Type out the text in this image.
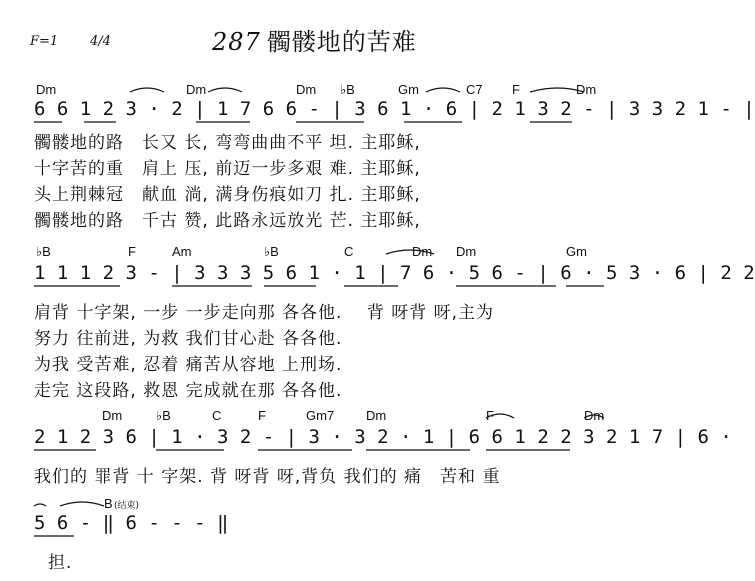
F=1 4/4	287 髑髅地的苦难
Dm	Dm	Dm ♭B	Gm	C7 F	Dm
6 6 1 2 3 · 2 | 1 7 6 6 - | 3 6 1 · 6 | 2 1 3 2 - | 3 3 2 1 - |
髑髅地的路　长又 长, 弯弯曲曲不平 坦. 主耶稣,
十字苦的重　肩上 压, 前迈一步多艰 难. 主耶稣,
头上荆棘冠　献血 淌, 满身伤痕如刀 扎. 主耶稣,
髑髅地的路　千古 赞, 此路永远放光 芒. 主耶稣,
♭B	F	Am	♭B	C	Dm Dm	Gm
1 1 1 2 3 - | 3 3 3 5 6 1 · 1 | 7 6 · 5 6 - | 6 · 5 3 · 6 | 2 2
肩背 十字架, 一步 一步走向那 各各他.　 背 呀背 呀,主为
努力 往前进, 为救 我们甘心赴 各各他.
为我 受苦难, 忍着 痛苦从容地 上刑场.
走完 这段路, 救恩 完成就在那 各各他.
Dm	♭B	C	F	Gm7 Dm	F	Dm
2 1 2 3 6 | 1 · 3 2 - | 3 · 3 2 · 1 | 6 6 1 2 2 3 2 1 7 | 6 ·
我们的 罪背 十 字架. 背 呀背 呀,背负 我们的 痛　苦和 重
B (结束)
5 6 - ‖ 6 - - - ‖
担.
